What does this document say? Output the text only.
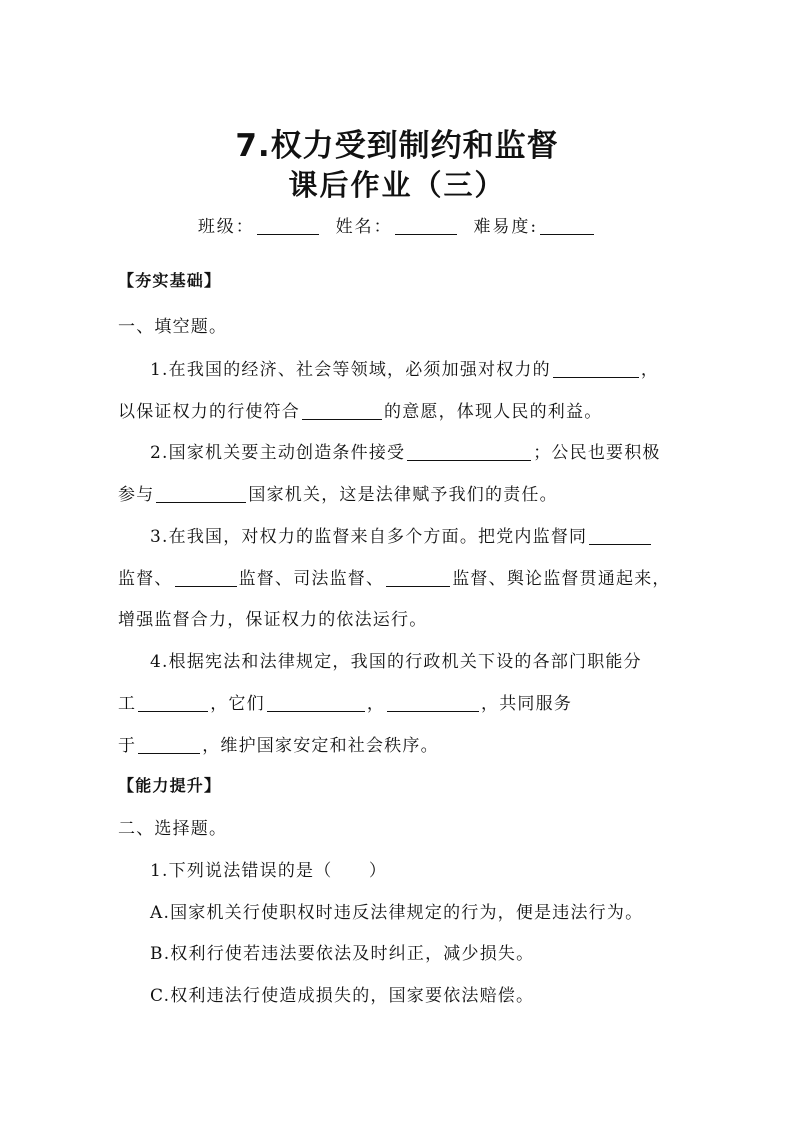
7.权力受到制约和监督
课后作业（三）
班级：	姓名：	难易度:
【夯实基础】
一、填空题。
1.在我国的经济、社会等领域，必须加强对权力的	，
以保证权力的行使符合	的意愿，体现人民的利益。
2.国家机关要主动创造条件接受	；公民也要积极
参与	国家机关，这是法律赋予我们的责任。
3.在我国，对权力的监督来自多个方面。把党内监督同
监督、	监督、司法监督、	监督、舆论监督贯通起来，
增强监督合力，保证权力的依法运行。
4.根据宪法和法律规定，我国的行政机关下设的各部门职能分
工	，它们	，	，共同服务
于	，维护国家安定和社会秩序。
【能力提升】
二、选择题。
1.下列说法错误的是（　　）
A.国家机关行使职权时违反法律规定的行为，便是违法行为。
B.权利行使若违法要依法及时纠正，减少损失。
C.权利违法行使造成损失的，国家要依法赔偿。
